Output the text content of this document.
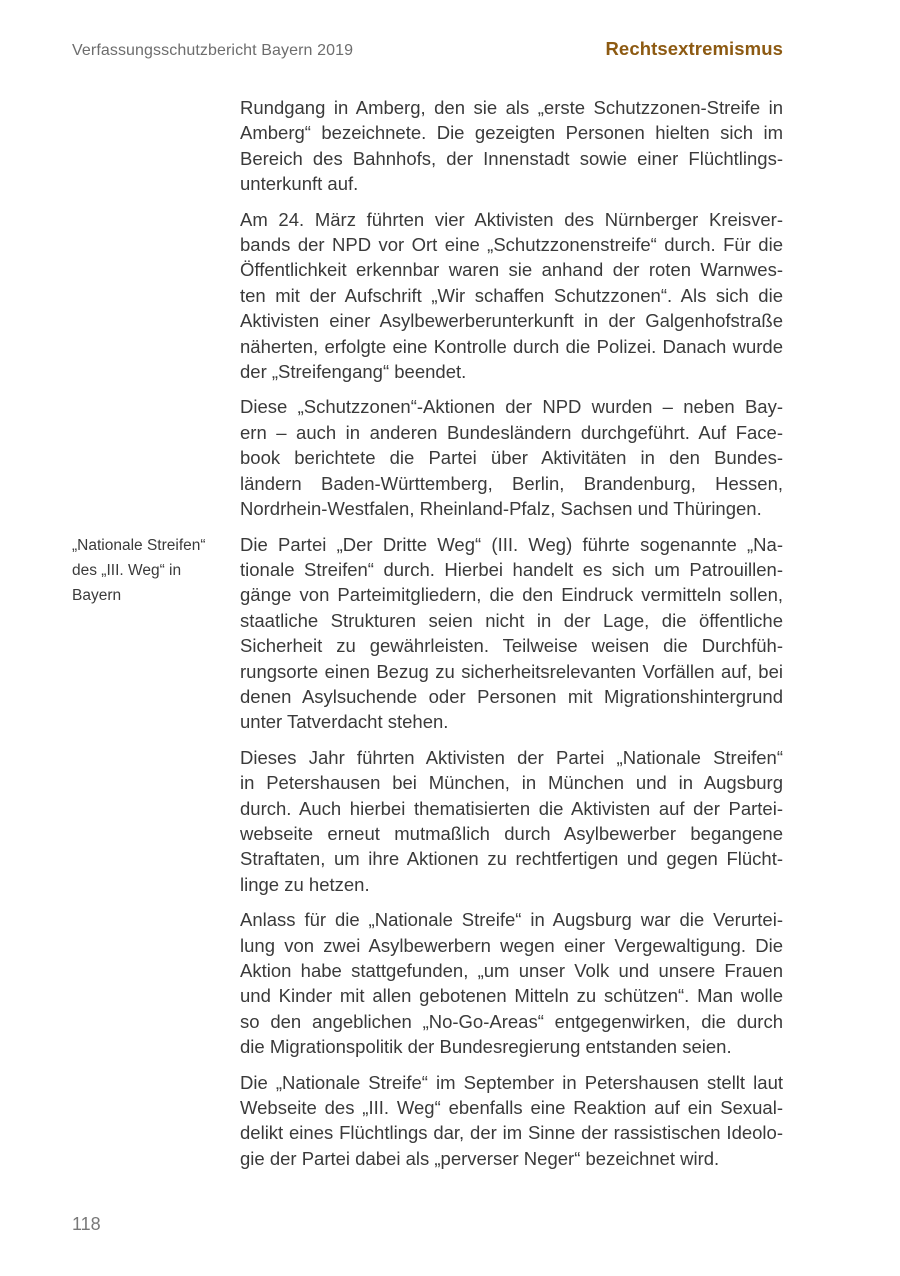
Verfassungsschutzbericht Bayern 2019	Rechtsextremismus
Rundgang in Amberg, den sie als „erste Schutzzonen-Streife in
Amberg“ bezeichnete. Die gezeigten Personen hielten sich im
Bereich des Bahnhofs, der Innenstadt sowie einer Flüchtlings-
unterkunft auf.
Am 24. März führten vier Aktivisten des Nürnberger Kreisver-
bands der NPD vor Ort eine „Schutzzonenstreife“ durch. Für die
Öffentlichkeit erkennbar waren sie anhand der roten Warnwes-
ten mit der Aufschrift „Wir schaffen Schutzzonen“. Als sich die
Aktivisten einer Asylbewerberunterkunft in der Galgenhofstraße
näherten, erfolgte eine Kontrolle durch die Polizei. Danach wurde
der „Streifengang“ beendet.
Diese „Schutzzonen“-Aktionen der NPD wurden – neben Bay-
ern – auch in anderen Bundesländern durchgeführt. Auf Face-
book berichtete die Partei über Aktivitäten in den Bundes-
ländern Baden-Württemberg, Berlin, Brandenburg, Hessen,
Nordrhein-Westfalen, Rheinland-Pfalz, Sachsen und Thüringen.
„Nationale Streifen“
des „III. Weg“ in
Bayern
Die Partei „Der Dritte Weg“ (III. Weg) führte sogenannte „Na-
tionale Streifen“ durch. Hierbei handelt es sich um Patrouillen-
gänge von Parteimitgliedern, die den Eindruck vermitteln sollen,
staatliche Strukturen seien nicht in der Lage, die öffentliche
Sicherheit zu gewährleisten. Teilweise weisen die Durchfüh-
rungsorte einen Bezug zu sicherheitsrelevanten Vorfällen auf, bei
denen Asylsuchende oder Personen mit Migrationshintergrund
unter Tatverdacht stehen.
Dieses Jahr führten Aktivisten der Partei „Nationale Streifen“
in Petershausen bei München, in München und in Augsburg
durch. Auch hierbei thematisierten die Aktivisten auf der Partei-
webseite erneut mutmaßlich durch Asylbewerber begangene
Straftaten, um ihre Aktionen zu rechtfertigen und gegen Flücht-
linge zu hetzen.
Anlass für die „Nationale Streife“ in Augsburg war die Verurtei-
lung von zwei Asylbewerbern wegen einer Vergewaltigung. Die
Aktion habe stattgefunden, „um unser Volk und unsere Frauen
und Kinder mit allen gebotenen Mitteln zu schützen“. Man wolle
so den angeblichen „No-Go-Areas“ entgegenwirken, die durch
die Migrationspolitik der Bundesregierung entstanden seien.
Die „Nationale Streife“ im September in Petershausen stellt laut
Webseite des „III. Weg“ ebenfalls eine Reaktion auf ein Sexual-
delikt eines Flüchtlings dar, der im Sinne der rassistischen Ideolo-
gie der Partei dabei als „perverser Neger“ bezeichnet wird.
118
